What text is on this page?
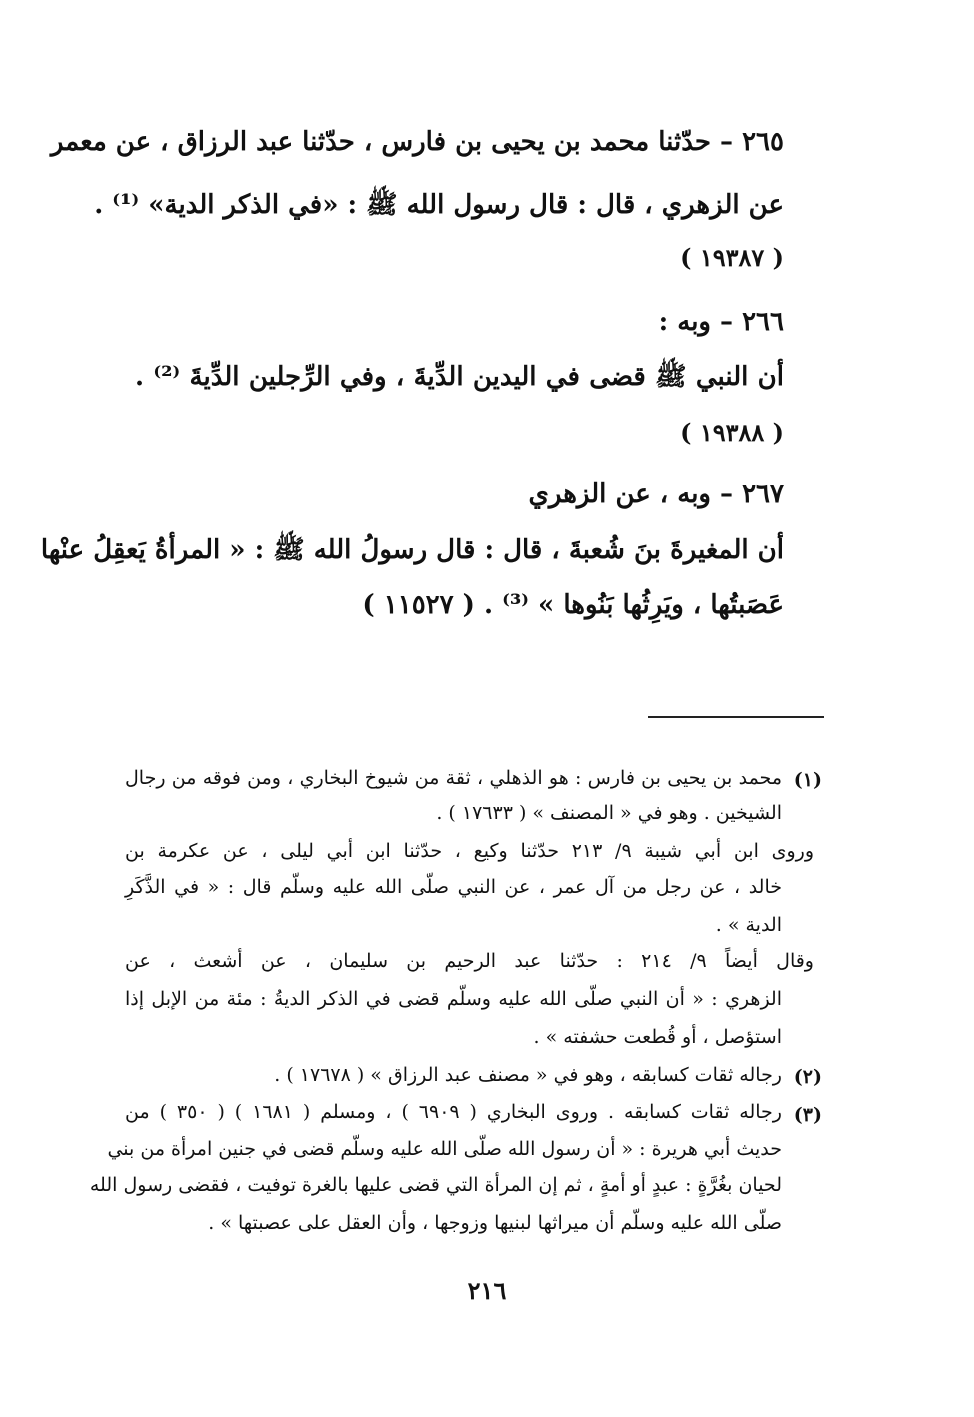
٢٦٥ – حدّثنا محمد بن يحيى بن فارس ، حدّثنا عبد الرزاق ، عن معمر
عن الزهري ، قال : قال رسول الله ﷺ : «في الذكر الدية» ⁽¹⁾ .
( ١٩٣٨٧ )
٢٦٦ – وبه :
أن النبي ﷺ قضى في اليدين الدِّيةَ ، وفي الرِّجلين الدِّيةَ ⁽²⁾ .
( ١٩٣٨٨ )
٢٦٧ – وبه ، عن الزهري
أن المغيرةَ بنَ شُعبةَ ، قال : قال رسولُ الله ﷺ : « المرأةُ يَعقِلُ عنْها
عَصَبتُها ، ويَرِثُها بَنُوها » ⁽³⁾ . ( ١١٥٢٧ )
(١)
محمد بن يحيى بن فارس : هو الذهلي ، ثقة من شيوخ البخاري ، ومن فوقه من رجال
الشيخين . وهو في « المصنف » ( ١٧٦٣٣ ) .
وروى ابن أبي شيبة ٩/ ٢١٣ حدّثنا وكيع ، حدّثنا ابن أبي ليلى ، عن عكرمة بن
خالد ، عن رجل من آل عمر ، عن النبي صلّى الله عليه وسلّم قال : « في الذَّكَرِ
الدية » .
وقال أيضاً ٩/ ٢١٤ : حدّثنا عبد الرحيم بن سليمان ، عن أشعث ، عن
الزهري : « أن النبي صلّى الله عليه وسلّم قضى في الذكر الديةُ : مئة من الإبل إذا
استؤصل ، أو قُطعت حشفته » .
(٢)
رجاله ثقات كسابقه ، وهو في « مصنف عبد الرزاق » ( ١٧٦٧٨ ) .
(٣)
رجاله ثقات كسابقه . وروى البخاري ( ٦٩٠٩ ) ، ومسلم ( ١٦٨١ ) ( ٣٥٠ ) من
حديث أبي هريرة : « أن رسول الله صلّى الله عليه وسلّم قضى في جنين امرأة من بني
لحيان بغُرَّةٍ : عبدٍ أو أمةٍ ، ثم إن المرأة التي قضى عليها بالغرة توفيت ، فقضى رسول الله
صلّى الله عليه وسلّم أن ميراثها لبنيها وزوجها ، وأن العقل على عصبتها » .
٢١٦
